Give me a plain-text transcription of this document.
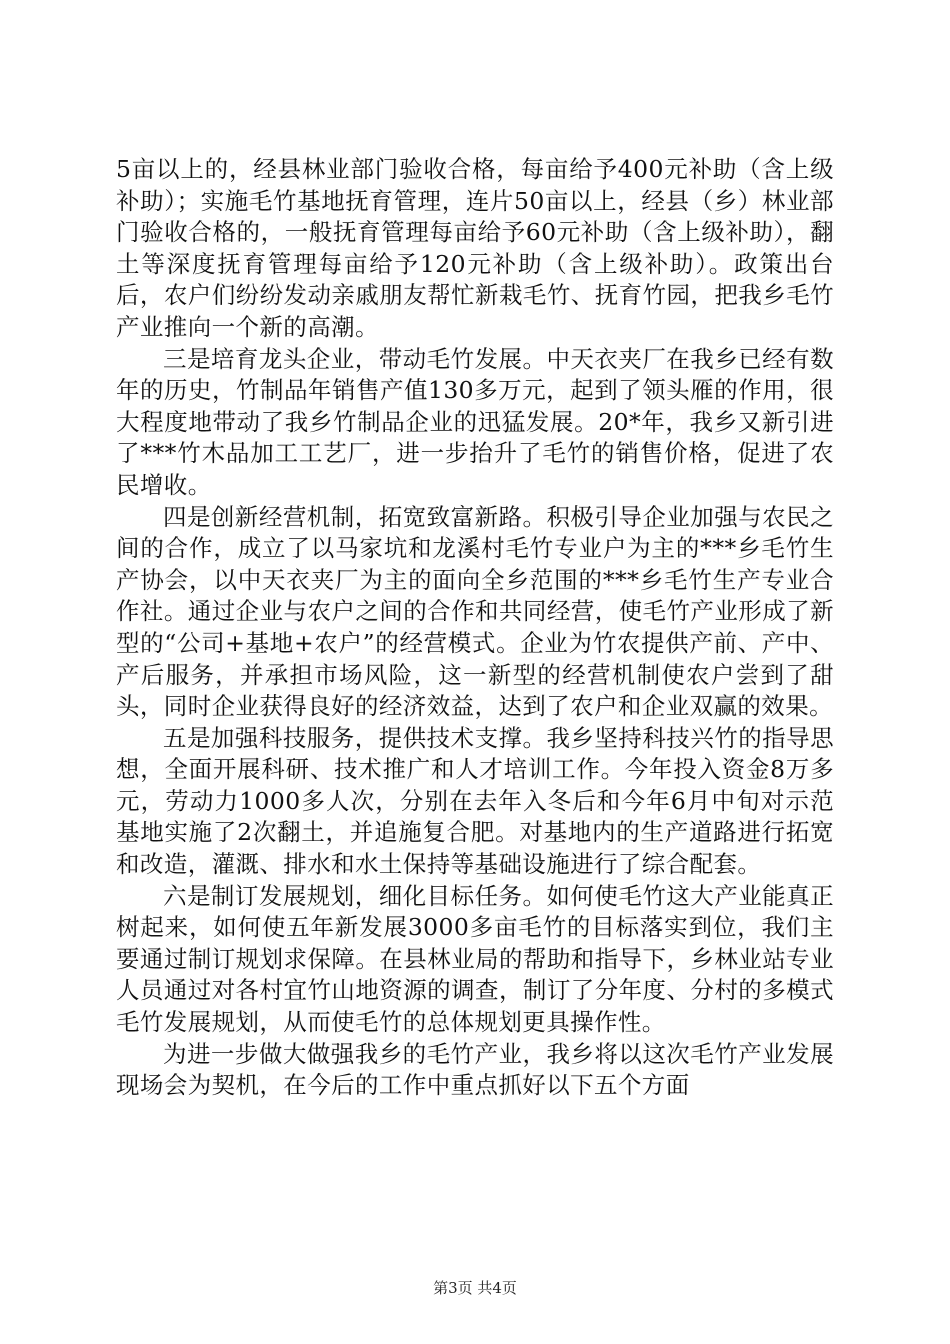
5亩以上的，经县林业部门验收合格，每亩给予400元补助（含上级补助）；实施毛竹基地抚育管理，连片50亩以上，经县（乡）林业部门验收合格的，一般抚育管理每亩给予60元补助（含上级补助），翻土等深度抚育管理每亩给予120元补助（含上级补助）。政策出台后，农户们纷纷发动亲戚朋友帮忙新栽毛竹、抚育竹园，把我乡毛竹产业推向一个新的高潮。

三是培育龙头企业，带动毛竹发展。中天衣夹厂在我乡已经有数年的历史，竹制品年销售产值130多万元，起到了领头雁的作用，很大程度地带动了我乡竹制品企业的迅猛发展。20*年，我乡又新引进了***竹木品加工工艺厂，进一步抬升了毛竹的销售价格，促进了农民增收。

四是创新经营机制，拓宽致富新路。积极引导企业加强与农民之间的合作，成立了以马家坑和龙溪村毛竹专业户为主的***乡毛竹生产协会，以中天衣夹厂为主的面向全乡范围的***乡毛竹生产专业合作社。通过企业与农户之间的合作和共同经营，使毛竹产业形成了新型的“公司+基地+农户”的经营模式。企业为竹农提供产前、产中、产后服务，并承担市场风险，这一新型的经营机制使农户尝到了甜头，同时企业获得良好的经济效益，达到了农户和企业双赢的效果。

五是加强科技服务，提供技术支撑。我乡坚持科技兴竹的指导思想，全面开展科研、技术推广和人才培训工作。今年投入资金8万多元，劳动力1000多人次，分别在去年入冬后和今年6月中旬对示范基地实施了2次翻土，并追施复合肥。对基地内的生产道路进行拓宽和改造，灌溉、排水和水土保持等基础设施进行了综合配套。

六是制订发展规划，细化目标任务。如何使毛竹这大产业能真正树起来，如何使五年新发展3000多亩毛竹的目标落实到位，我们主要通过制订规划求保障。在县林业局的帮助和指导下，乡林业站专业人员通过对各村宜竹山地资源的调查，制订了分年度、分村的多模式毛竹发展规划，从而使毛竹的总体规划更具操作性。

为进一步做大做强我乡的毛竹产业，我乡将以这次毛竹产业发展现场会为契机，在今后的工作中重点抓好以下五个方面

第3页 共4页
